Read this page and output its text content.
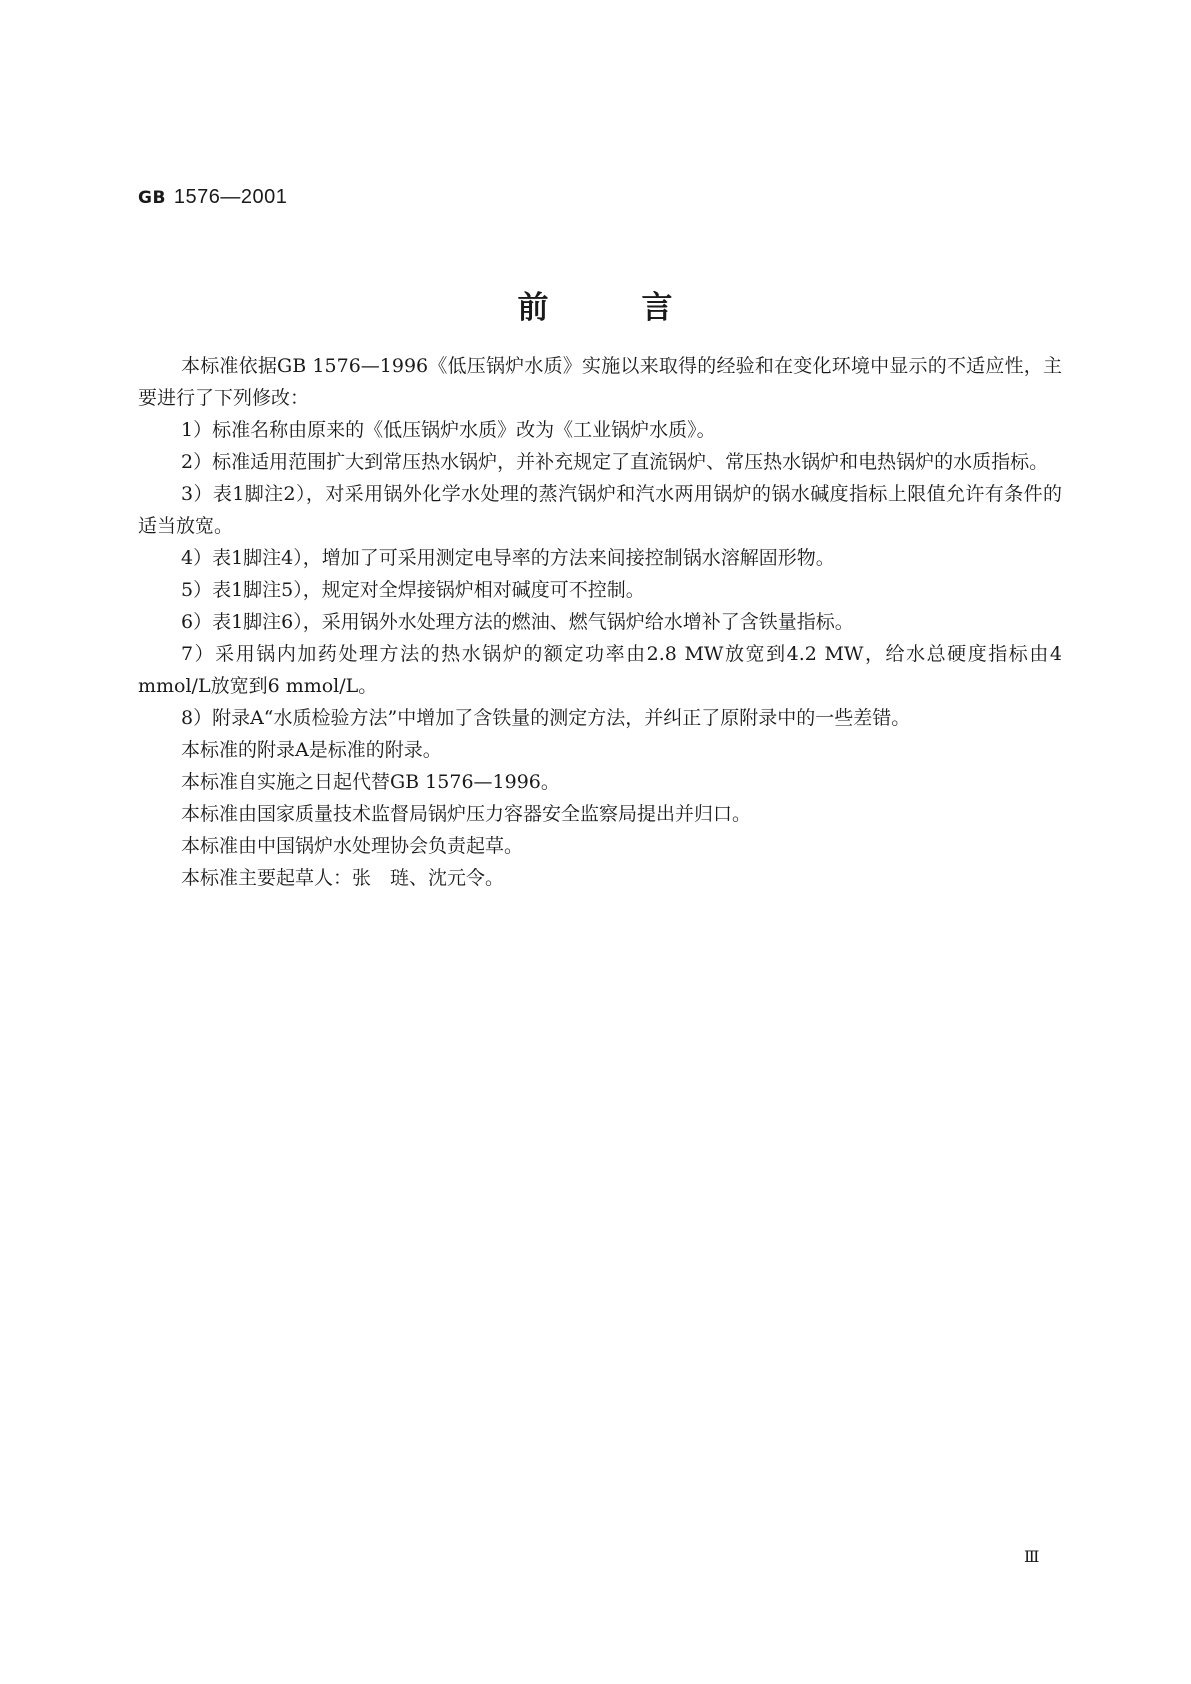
GB 1576—2001
前	言

本标准依据GB 1576—1996《低压锅炉水质》实施以来取得的经验和在变化环境中显示的不适应性，主要进行了下列修改：

1）标准名称由原来的《低压锅炉水质》改为《工业锅炉水质》。

2）标准适用范围扩大到常压热水锅炉，并补充规定了直流锅炉、常压热水锅炉和电热锅炉的水质指标。

3）表1脚注2），对采用锅外化学水处理的蒸汽锅炉和汽水两用锅炉的锅水碱度指标上限值允许有条件的适当放宽。

4）表1脚注4），增加了可采用测定电导率的方法来间接控制锅水溶解固形物。

5）表1脚注5），规定对全焊接锅炉相对碱度可不控制。

6）表1脚注6），采用锅外水处理方法的燃油、燃气锅炉给水增补了含铁量指标。

7）采用锅内加药处理方法的热水锅炉的额定功率由2.8 MW放宽到4.2 MW，给水总硬度指标由4 mmol/L放宽到6 mmol/L。

8）附录A“水质检验方法”中增加了含铁量的测定方法，并纠正了原附录中的一些差错。

本标准的附录A是标准的附录。

本标准自实施之日起代替GB 1576—1996。

本标准由国家质量技术监督局锅炉压力容器安全监察局提出并归口。

本标准由中国锅炉水处理协会负责起草。

本标准主要起草人：张　琏、沈元令。

Ⅲ
